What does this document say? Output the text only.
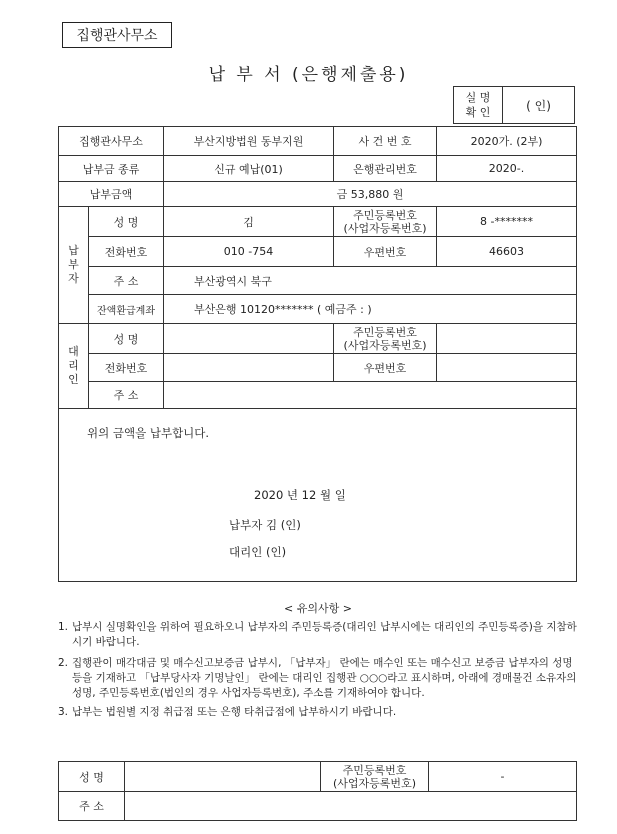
집행관사무소
납 부 서 (은행제출용)
실 명
확 인	( 인)
집행관사무소		부산지방법원 동부지원	사 건 번 호	2020가. (2부)
납부금 종류		신규 예납(01)	은행관리번호	2020-.
납부금액		금 53,880 원		
납
부
자	성 명	김	주민등록번호
(사업자등록번호)	8 -*******
	전화번호	010 -754	우편번호	46603
	주 소	부산광역시 북구		
	잔액환급계좌	부산은행 10120******* ( 예금주 : )		

대
리
인	성 명		주민등록번호
(사업자등록번호)	
	전화번호		우편번호	
	주 소			

위의 금액을 납부합니다.
2020 년 12 월 일
납부자 김 (인)
대리인 (인)				
< 유의사항 >
1. 납부시 실명확인을 위하여 필요하오니 납부자의 주민등록증(대리인 납부시에는 대리인의 주민등록증)을 지참하시기 바랍니다.
2. 집행관이 매각대금 및 매수신고보증금 납부시, 「납부자」 란에는 매수인 또는 매수신고 보증금 납부자의 성명 등을 기재하고 「납부당사자 기명날인」 란에는 대리인 집행관 ○○○라고 표시하며, 아래에 경매물건 소유자의 성명, 주민등록번호(법인의 경우 사업자등록번호), 주소를 기재하여야 합니다.
3. 납부는 법원별 지정 취급점 또는 은행 타취급점에 납부하시기 바랍니다.
성 명		주민등록번호
(사업자등록번호)	-
주 소			
